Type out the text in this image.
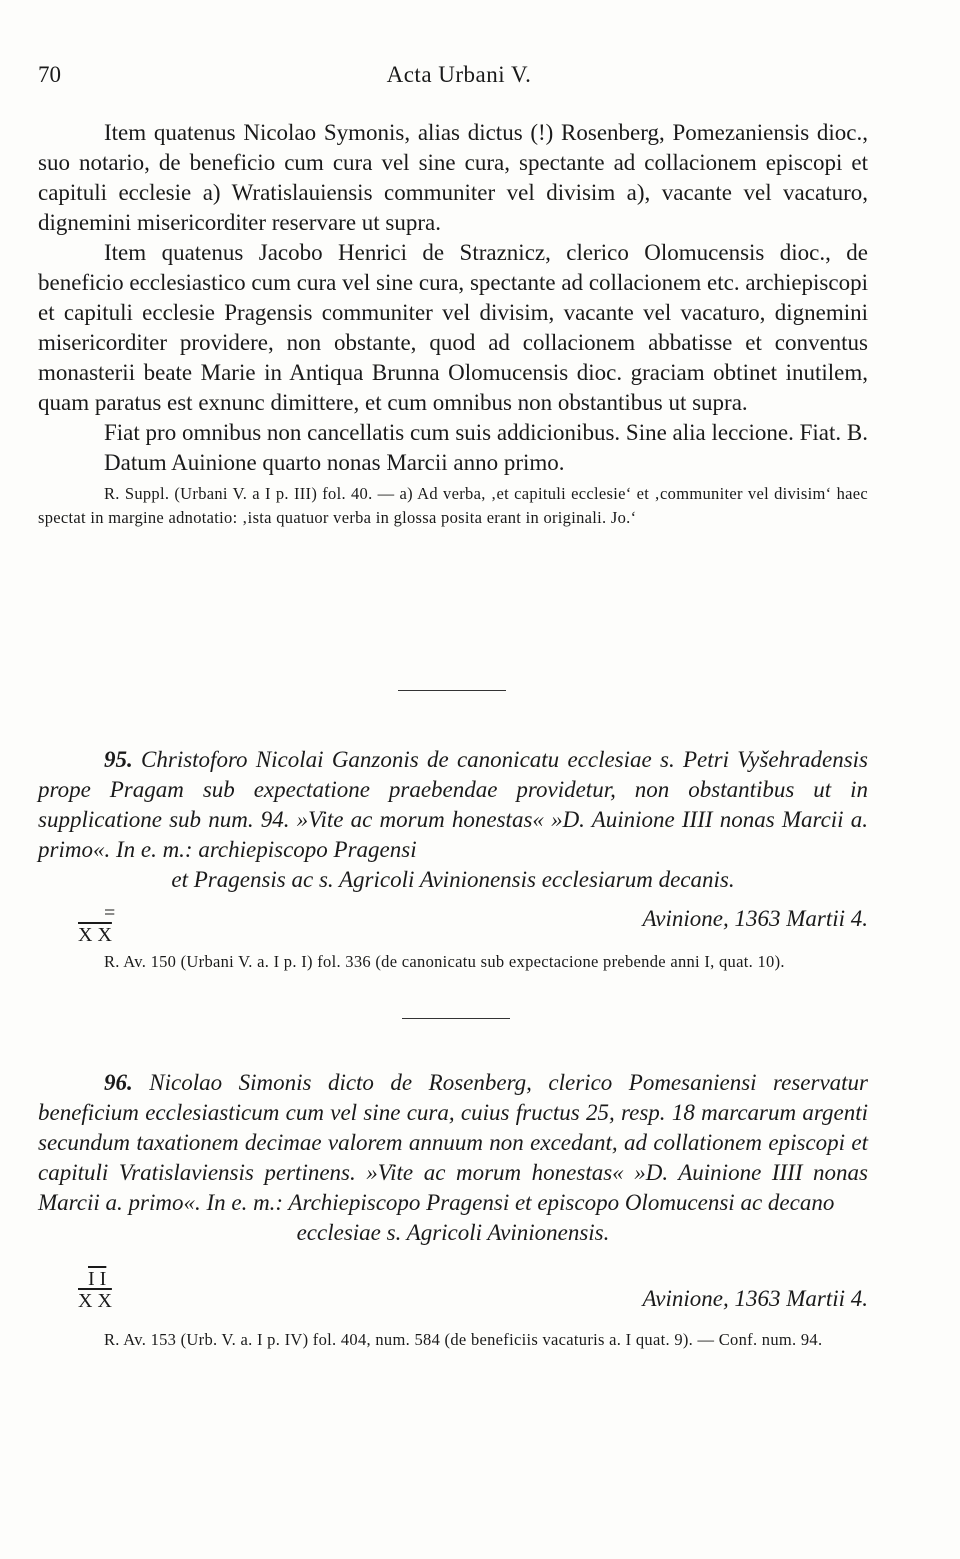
70	Acta Urbani V.

Item quatenus Nicolao Symonis, alias dictus (!) Rosenberg, Pomezaniensis dioc., suo notario, de beneficio cum cura vel sine cura, spectante ad collacionem episcopi et capituli ecclesie a) Wratislauiensis communiter vel divisim a), vacante vel vacaturo, dignemini misericorditer reservare ut supra.

Item quatenus Jacobo Henrici de Straznicz, clerico Olomucensis dioc., de beneficio ecclesiastico cum cura vel sine cura, spectante ad collacionem etc. archiepiscopi et capituli ecclesie Pragensis communiter vel divisim, vacante vel vacaturo, dignemini misericorditer providere, non obstante, quod ad collacionem abbatisse et conventus monasterii beate Marie in Antiqua Brunna Olomucensis dioc. graciam obtinet inutilem, quam paratus est exnunc dimittere, et cum omnibus non obstantibus ut supra.

Fiat pro omnibus non cancellatis cum suis addicionibus. Sine alia leccione. Fiat. B.

Datum Auinione quarto nonas Marcii anno primo.

R. Suppl. (Urbani V. a I p. III) fol. 40. — a) Ad verba, ‚et capituli ecclesie‘ et ‚communiter vel divisim‘ haec spectat in margine adnotatio: ‚ista quatuor verba in glossa posita erant in originali. Jo.‘

95. Christoforo Nicolai Ganzonis de canonicatu ecclesiae s. Petri Vyšehradensis prope Pragam sub expectatione praebendae providetur, non obstantibus ut in supplicatione sub num. 94. »Vite ac morum honestas« »D. Auinione IIII nonas Marcii a. primo«. In e. m.: archiepiscopo Pragensi

et Pragensis ac s. Agricoli Avinionensis ecclesiarum decanis.

=
X X
Avinione, 1363 Martii 4.

R. Av. 150 (Urbani V. a. I p. I) fol. 336 (de canonicatu sub expectacione prebende anni I, quat. 10).

96. Nicolao Simonis dicto de Rosenberg, clerico Pomesaniensi reservatur beneficium ecclesiasticum cum vel sine cura, cuius fructus 25, resp. 18 marcarum argenti secundum taxationem decimae valorem annuum non excedant, ad collationem episcopi et capituli Vratislaviensis pertinens. »Vite ac morum honestas« »D. Auinione IIII nonas Marcii a. primo«. In e. m.: Archiepiscopo Pragensi et episcopo Olomucensi ac decano

ecclesiae s. Agricoli Avinionensis.

I I
X X	Avinione, 1363 Martii 4.

R. Av. 153 (Urb. V. a. I p. IV) fol. 404, num. 584 (de beneficiis vacaturis a. I quat. 9). — Conf. num. 94.
